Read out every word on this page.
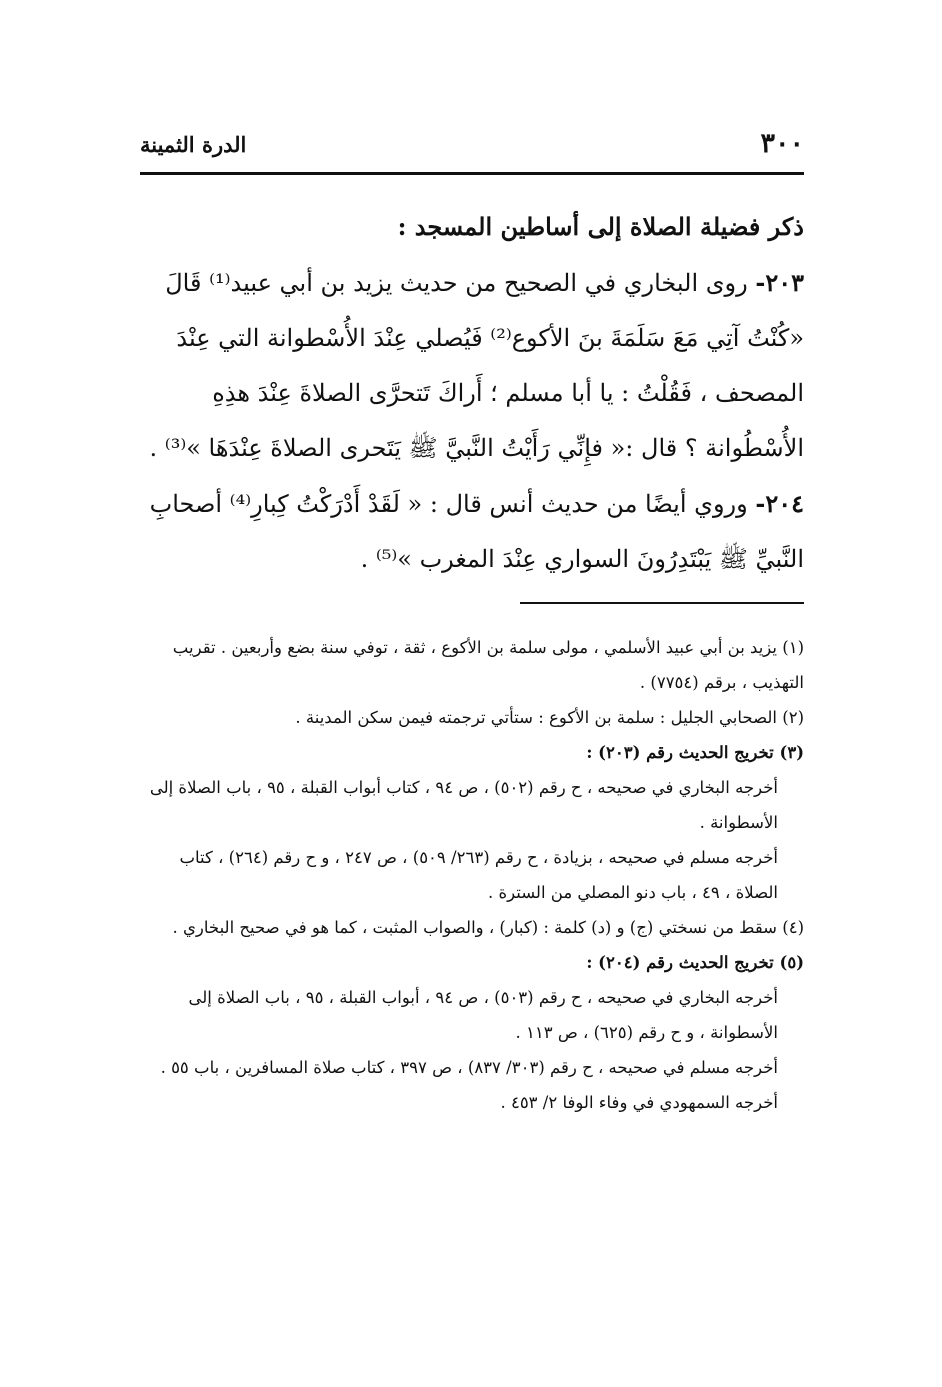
٣٠٠
الدرة الثمينة

ذكر فضيلة الصلاة إلى أساطين المسجد :

٢٠٣- روى البخاري في الصحيح من حديث يزيد بن أبي عبيد⁽¹⁾ قَالَ «كُنْتُ آتِي مَعَ سَلَمَةَ بنَ الأكوع⁽²⁾ فَيُصلي عِنْدَ الأُسْطوانة التي عِنْدَ المصحف ، فَقُلْتُ : يا أبا مسلم ؛ أَراكَ تَتحرَّى الصلاةَ عِنْدَ هذِهِ الأُسْطُوانة ؟ قال :« فإِنِّي رَأَيْتُ النَّبيَّ ﷺ يَتَحرى الصلاةَ عِنْدَهَا »⁽³⁾ .

٢٠٤- وروي أيضًا من حديث أنس قال : « لَقَدْ أَدْرَكْتُ كِبارِ⁽⁴⁾ أصحابِ النَّبيِّ ﷺ يَبْتَدِرُونَ السواري عِنْدَ المغرب »⁽⁵⁾ .

(١) يزيد بن أبي عبيد الأسلمي ، مولى سلمة بن الأكوع ، ثقة ، توفي سنة بضع وأربعين . تقريب التهذيب ، برقم (٧٧٥٤) .

(٢) الصحابي الجليل : سلمة بن الأكوع : ستأتي ترجمته فيمن سكن المدينة .

(٣) تخريج الحديث رقم (٢٠٣) :

أخرجه البخاري في صحيحه ، ح رقم (٥٠٢) ، ص ٩٤ ، كتاب أبواب القبلة ، ٩٥ ، باب الصلاة إلى الأسطوانة .

أخرجه مسلم في صحيحه ، بزيادة ، ح رقم (٢٦٣/ ٥٠٩) ، ص ٢٤٧ ، و ح رقم (٢٦٤) ، كتاب الصلاة ، ٤٩ ، باب دنو المصلي من السترة .

(٤) سقط من نسختي (ج) و (د) كلمة : (كبار) ، والصواب المثبت ، كما هو في صحيح البخاري .

(٥) تخريج الحديث رقم (٢٠٤) :

أخرجه البخاري في صحيحه ، ح رقم (٥٠٣) ، ص ٩٤ ، أبواب القبلة ، ٩٥ ، باب الصلاة إلى الأسطوانة ، و ح رقم (٦٢٥) ، ص ١١٣ .

أخرجه مسلم في صحيحه ، ح رقم (٣٠٣/ ٨٣٧) ، ص ٣٩٧ ، كتاب صلاة المسافرين ، باب ٥٥ .

أخرجه السمهودي في وفاء الوفا ٢/ ٤٥٣ .
